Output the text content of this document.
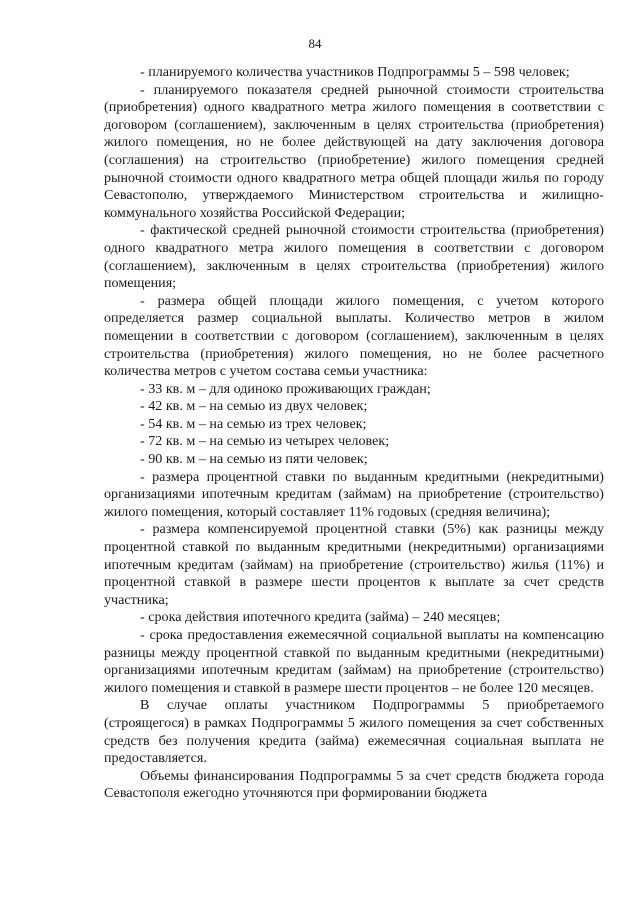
84

- планируемого количества участников Подпрограммы 5 – 598 человек;

- планируемого показателя средней рыночной стоимости строительства (приобретения) одного квадратного метра жилого помещения в соответствии с договором (соглашением), заключенным в целях строительства (приобретения) жилого помещения, но не более действующей на дату заключения договора (соглашения) на строительство (приобретение) жилого помещения средней рыночной стоимости одного квадратного метра общей площади жилья по городу Севастополю, утверждаемого Министерством строительства и жилищно-коммунального хозяйства Российской Федерации;

- фактической средней рыночной стоимости строительства (приобретения) одного квадратного метра жилого помещения в соответствии с договором (соглашением), заключенным в целях строительства (приобретения) жилого помещения;

- размера общей площади жилого помещения, с учетом которого определяется размер социальной выплаты. Количество метров в жилом помещении в соответствии с договором (соглашением), заключенным в целях строительства (приобретения) жилого помещения, но не более расчетного количества метров с учетом состава семьи участника:

- 33 кв. м – для одиноко проживающих граждан;

- 42 кв. м – на семью из двух человек;

- 54 кв. м – на семью из трех человек;

- 72 кв. м – на семью из четырех человек;

- 90 кв. м – на семью из пяти человек;

- размера процентной ставки по выданным кредитными (некредитными) организациями ипотечным кредитам (займам) на приобретение (строительство) жилого помещения, который составляет 11% годовых (средняя величина);

- размера компенсируемой процентной ставки (5%) как разницы между процентной ставкой по выданным кредитными (некредитными) организациями ипотечным кредитам (займам) на приобретение (строительство) жилья (11%) и процентной ставкой в размере шести процентов к выплате за счет средств участника;

- срока действия ипотечного кредита (займа) – 240 месяцев;

- срока предоставления ежемесячной социальной выплаты на компенсацию разницы между процентной ставкой по выданным кредитными (некредитными) организациями ипотечным кредитам (займам) на приобретение (строительство) жилого помещения и ставкой в размере шести процентов – не более 120 месяцев.

В случае оплаты участником Подпрограммы 5 приобретаемого (строящегося) в рамках Подпрограммы 5 жилого помещения за счет собственных средств без получения кредита (займа) ежемесячная социальная выплата не предоставляется.

Объемы финансирования Подпрограммы 5 за счет средств бюджета города Севастополя ежегодно уточняются при формировании бюджета
